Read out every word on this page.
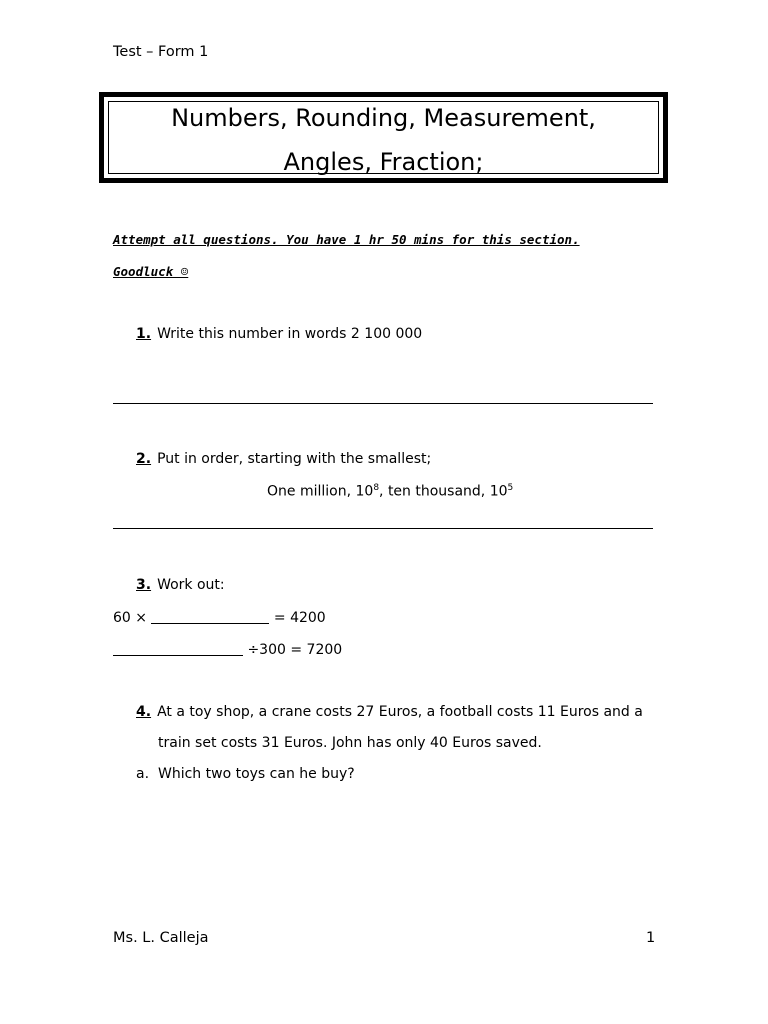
Test – Form 1
Numbers, Rounding, Measurement,
Angles, Fraction;
Attempt all questions. You have 1 hr 50 mins for this section.
Goodluck ☺
1. Write this number in words 2 100 000
2. Put in order, starting with the smallest;
One million, $10^8$, ten thousand, $10^5$
3. Work out:
60 ×	= 4200
÷300 = 7200
4. At a toy shop, a crane costs 27 Euros, a football costs 11 Euros and a
train set costs 31 Euros. John has only 40 Euros saved.
a. Which two toys can he buy?
Ms. L. Calleja	1
